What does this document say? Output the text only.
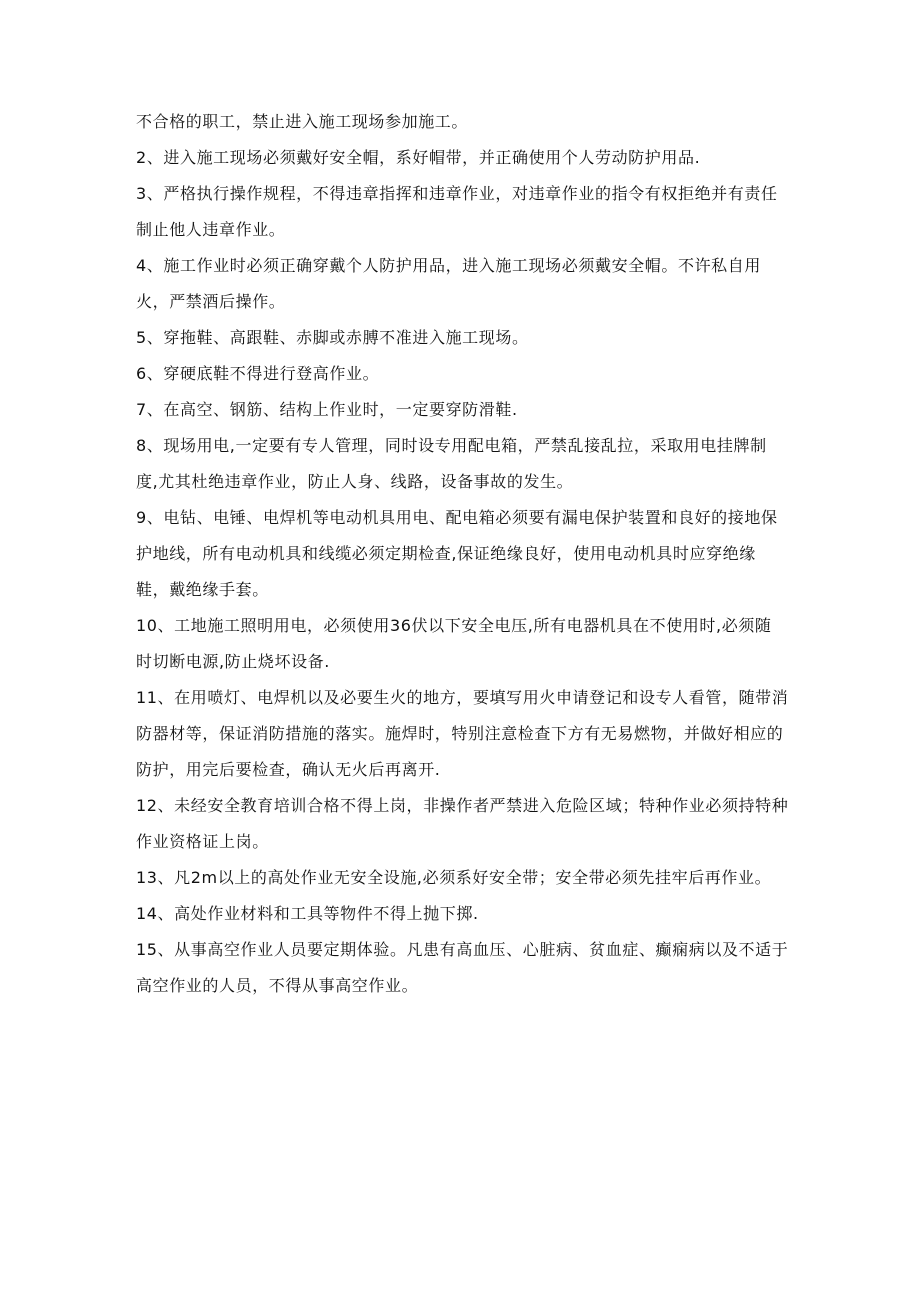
不合格的职工，禁止进入施工现场参加施工。
2、进入施工现场必须戴好安全帽，系好帽带，并正确使用个人劳动防护用品.
3、严格执行操作规程，不得违章指挥和违章作业，对违章作业的指令有权拒绝并有责任
制止他人违章作业。
4、施工作业时必须正确穿戴个人防护用品，进入施工现场必须戴安全帽。不许私自用
火，严禁酒后操作。
5、穿拖鞋、高跟鞋、赤脚或赤膊不准进入施工现场。
6、穿硬底鞋不得进行登高作业。
7、在高空、钢筋、结构上作业时，一定要穿防滑鞋.
8、现场用电,一定要有专人管理，同时设专用配电箱，严禁乱接乱拉，采取用电挂牌制
度,尤其杜绝违章作业，防止人身、线路，设备事故的发生。
9、电钻、电锤、电焊机等电动机具用电、配电箱必须要有漏电保护装置和良好的接地保
护地线，所有电动机具和线缆必须定期检查,保证绝缘良好，使用电动机具时应穿绝缘
鞋，戴绝缘手套。
10、工地施工照明用电，必须使用36伏以下安全电压,所有电器机具在不使用时,必须随
时切断电源,防止烧坏设备.
11、在用喷灯、电焊机以及必要生火的地方，要填写用火申请登记和设专人看管，随带消
防器材等，保证消防措施的落实。施焊时，特别注意检查下方有无易燃物，并做好相应的
防护，用完后要检查，确认无火后再离开.
12、未经安全教育培训合格不得上岗，非操作者严禁进入危险区域；特种作业必须持特种
作业资格证上岗。
13、凡2m以上的高处作业无安全设施,必须系好安全带；安全带必须先挂牢后再作业。
14、高处作业材料和工具等物件不得上抛下掷.
15、从事高空作业人员要定期体验。凡患有高血压、心脏病、贫血症、癫痫病以及不适于
高空作业的人员，不得从事高空作业。
